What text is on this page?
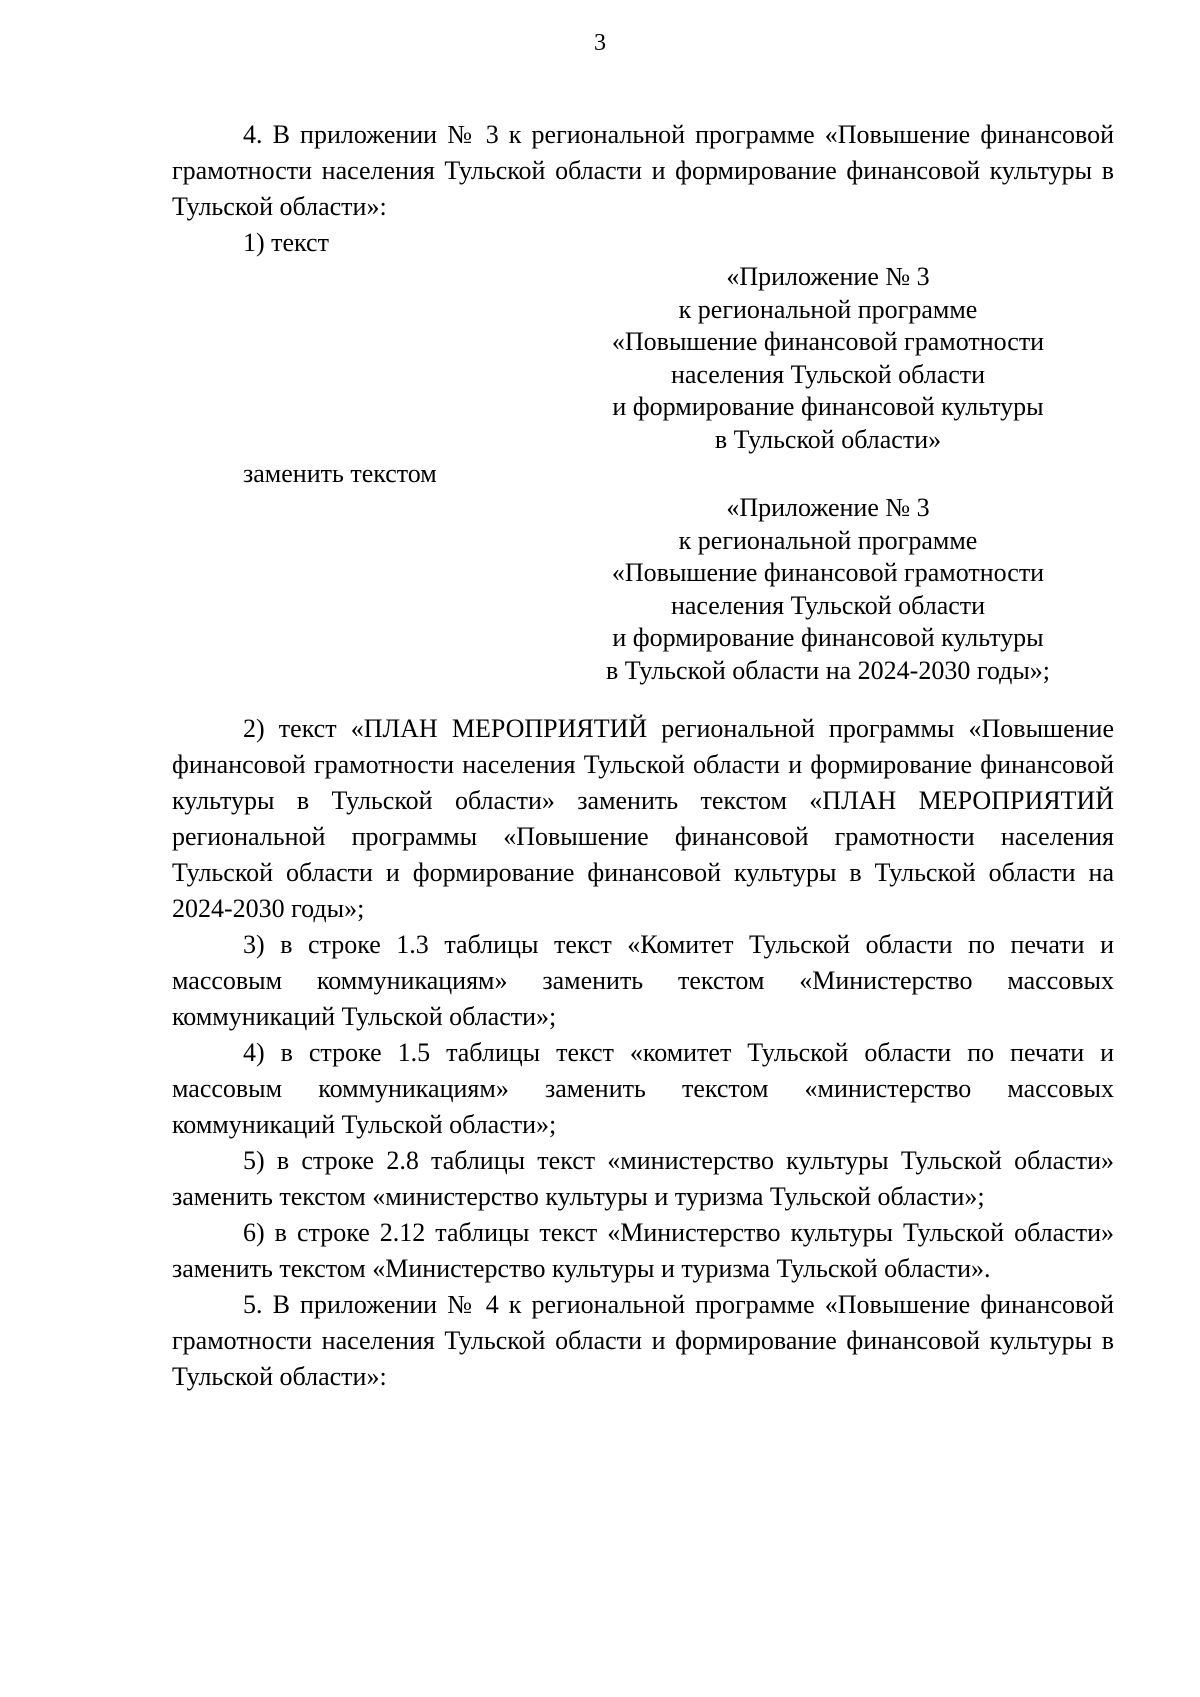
3

4. В приложении № 3 к региональной программе «Повышение финансовой грамотности населения Тульской области и формирование финансовой культуры в Тульской области»:

1) текст

«Приложение № 3
к региональной программе
«Повышение финансовой грамотности
населения Тульской области
и формирование финансовой культуры
в Тульской области»

заменить текстом

«Приложение № 3
к региональной программе
«Повышение финансовой грамотности
населения Тульской области
и формирование финансовой культуры
в Тульской области на 2024-2030 годы»;

2) текст «ПЛАН МЕРОПРИЯТИЙ региональной программы «Повышение финансовой грамотности населения Тульской области и формирование финансовой культуры в Тульской области» заменить текстом «ПЛАН МЕРОПРИЯТИЙ региональной программы «Повышение финансовой грамотности населения Тульской области и формирование финансовой культуры в Тульской области на 2024-2030 годы»;

3) в строке 1.3 таблицы текст «Комитет Тульской области по печати и массовым коммуникациям» заменить текстом «Министерство массовых коммуникаций Тульской области»;

4) в строке 1.5 таблицы текст «комитет Тульской области по печати и массовым коммуникациям» заменить текстом «министерство массовых коммуникаций Тульской области»;

5) в строке 2.8 таблицы текст «министерство культуры Тульской области» заменить текстом «министерство культуры и туризма Тульской области»;

6) в строке 2.12 таблицы текст «Министерство культуры Тульской области» заменить текстом «Министерство культуры и туризма Тульской области».

5. В приложении № 4 к региональной программе «Повышение финансовой грамотности населения Тульской области и формирование финансовой культуры в Тульской области»:
